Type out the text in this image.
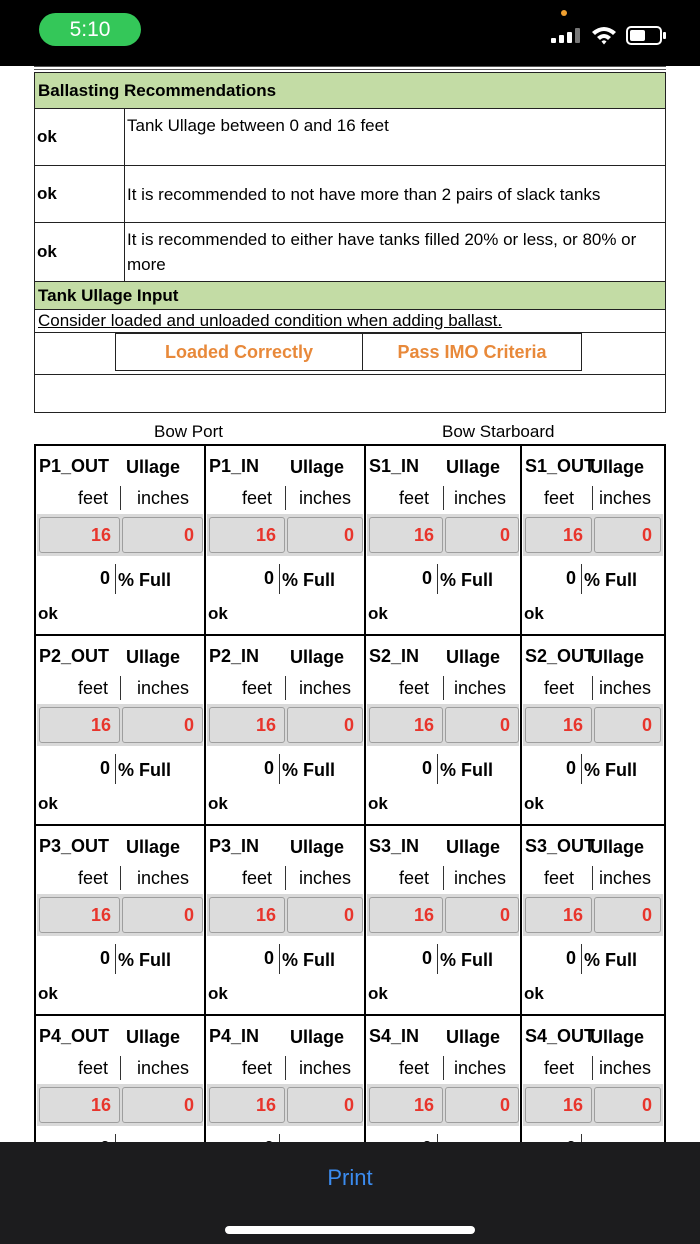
5:10
Ballasting Recommendations	
ok	Tank Ullage between 0 and 16 feet
ok	It is recommended to not have more than 2 pairs of slack tanks
ok	It is recommended to either have tanks filled 20% or less, or 80% or more
Tank Ullage Input	
Consider loaded and unloaded condition when adding ballast.	

Loaded Correctly Pass IMO Criteria	

Bow Port	Bow Starboard
P1_OUT Ullage
feet inches
16	0
0 % Full
ok
P1_IN	Ullage
feet inches
16	0
0 % Full
ok
S1_IN	Ullage
feet inches
16	0
0 % Full
ok
S1_OUT
Ullage
feet inches
16	0
0 % Full
ok
P2_OUT Ullage
feet inches
16	0
0 % Full
ok
P2_IN	Ullage
feet inches
16	0
0 % Full
ok
S2_IN	Ullage
feet inches
16	0
0 % Full
ok
S2_OUT
Ullage
feet inches
16	0
0 % Full
ok
P3_OUT Ullage
feet inches
16	0
0 % Full
ok
P3_IN	Ullage
feet inches
16	0
0 % Full
ok
S3_IN	Ullage
feet inches
16	0
0 % Full
ok
S3_OUT
Ullage
feet inches
16	0
0 % Full
ok
P4_OUT Ullage
feet inches
16	0
P4_IN	Ullage
feet inches
16	0
S4_IN	Ullage
feet inches
16	0
S4_OUT
Ullage
feet inches
16	0
Print
